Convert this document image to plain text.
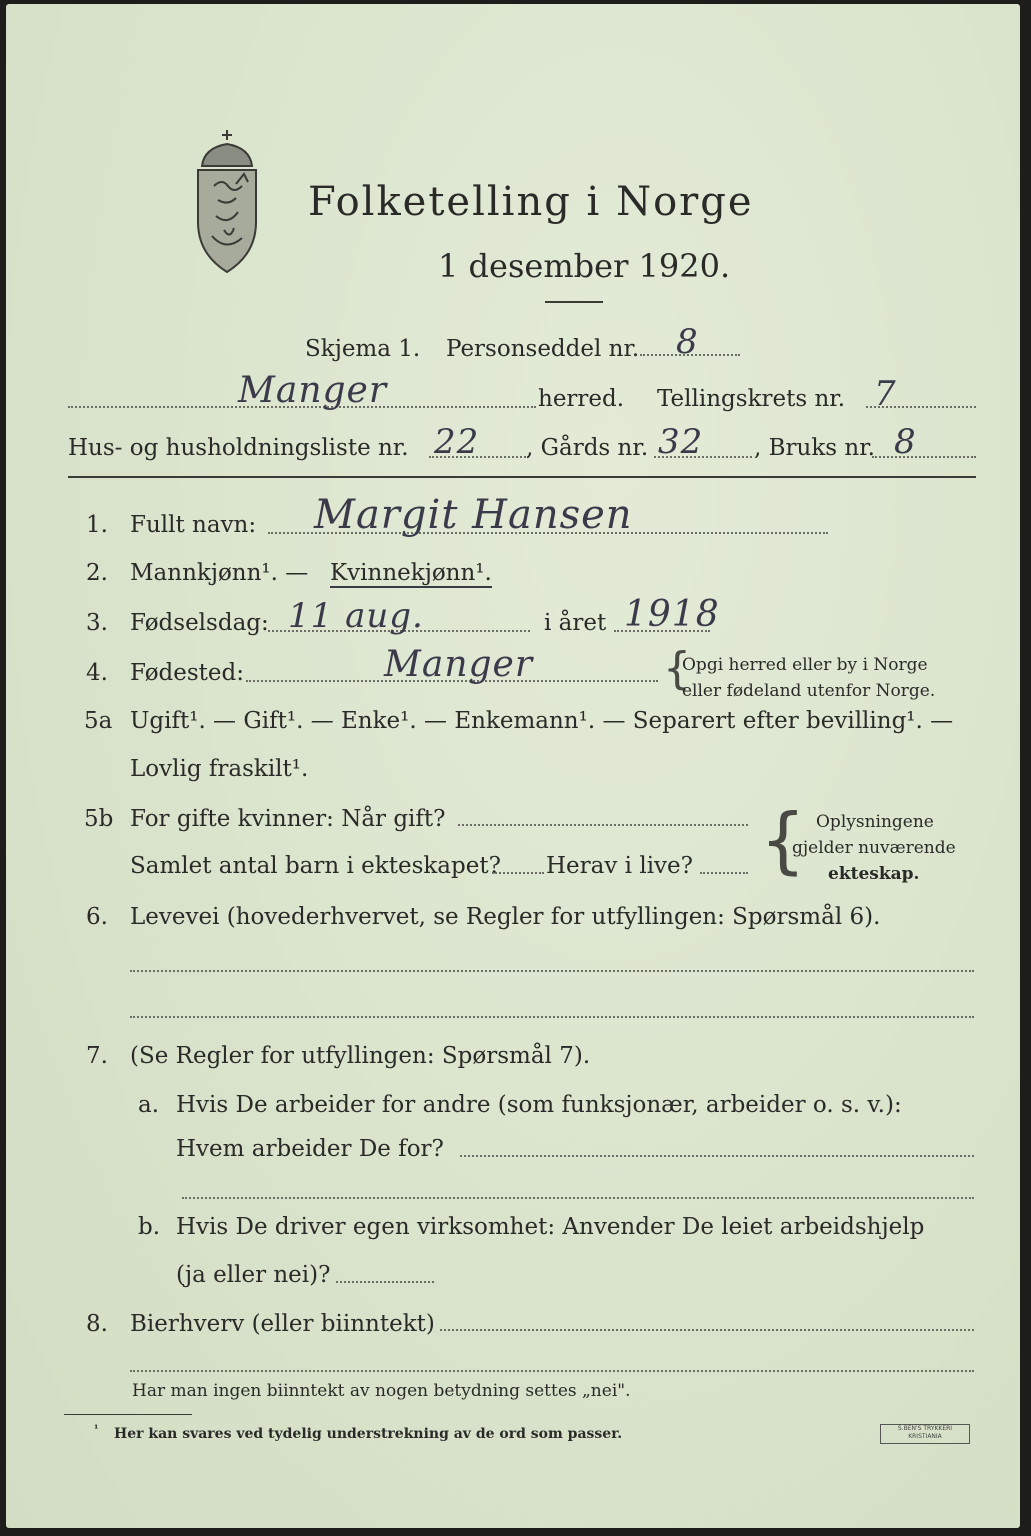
Folketelling i Norge
1 desember 1920.
Skjema 1. Personseddel nr. 8
Manger	herred. Tellingskrets nr. 7
Hus- og husholdningsliste nr. 22 , Gårds nr. 32 , Bruks nr. 8
1. Fullt navn: Margit Hansen
2. Mannkjønn¹. — Kvinnekjønn¹.
3. Fødselsdag: 11 aug.	i året 1918
4. Fødested:	Manger	{
Opgi herred eller by i Norge
eller fødeland utenfor Norge.
5a Ugift¹. — Gift¹. — Enke¹. — Enkemann¹. — Separert efter bevilling¹. —
Lovlig fraskilt¹.
5b For gifte kvinner: Når gift?
Samlet antal barn i ekteskapet? Herav i live? { Oplysningene
gjelder nuværende
ekteskap.
6. Levevei (hovederhvervet, se Regler for utfyllingen: Spørsmål 6).
7. (Se Regler for utfyllingen: Spørsmål 7).
a. Hvis De arbeider for andre (som funksjonær, arbeider o. s. v.):
Hvem arbeider De for?
b. Hvis De driver egen virksomhet: Anvender De leiet arbeidshjelp
(ja eller nei)?
8. Bierhverv (eller biinntekt)
Har man ingen biinntekt av nogen betydning settes „nei".
¹ Her kan svares ved tydelig understrekning av de ord som passer.	S.BEN'S TRYKKERI KRISTIANIA
